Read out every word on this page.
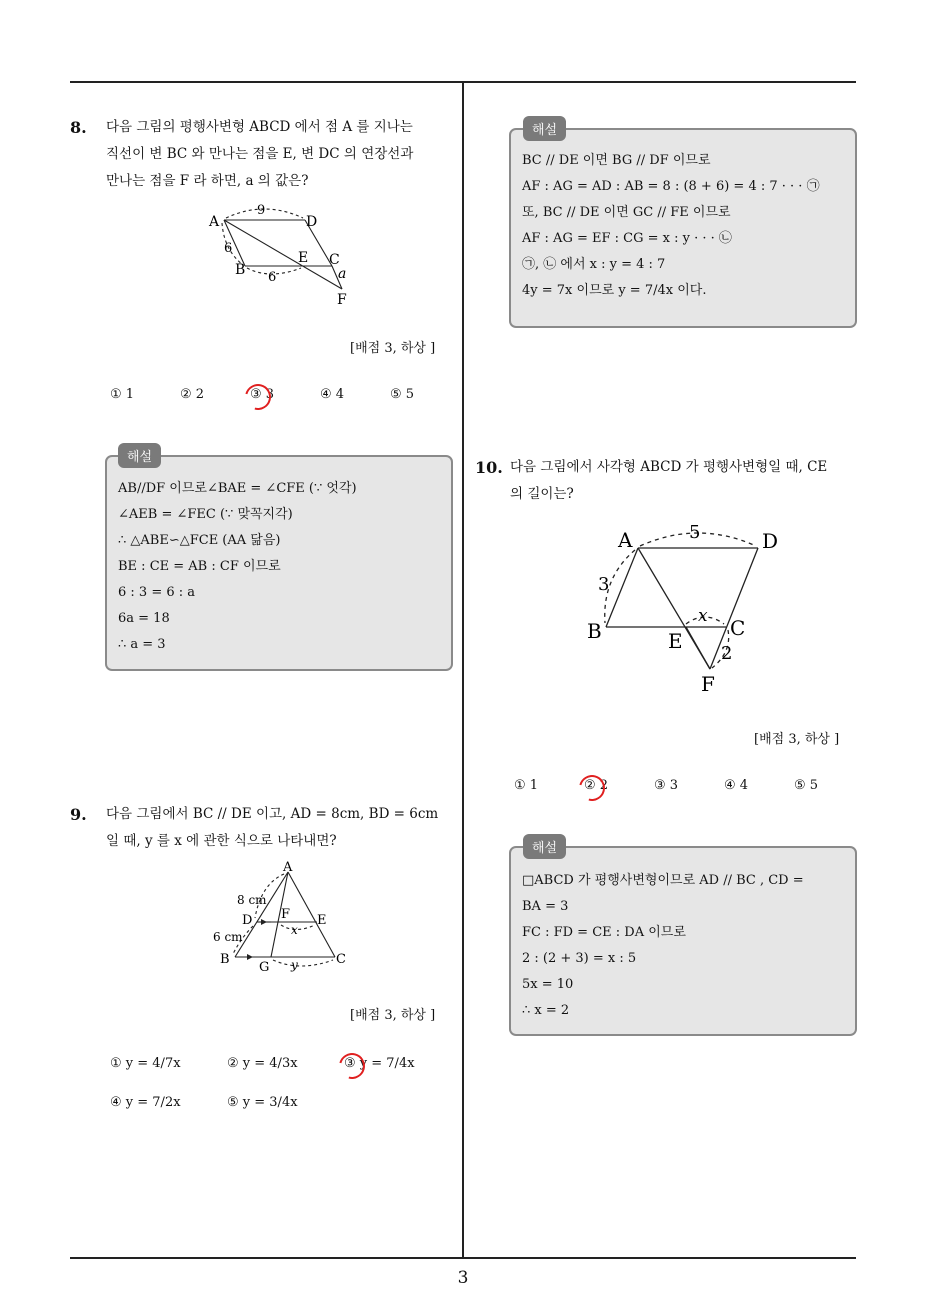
3
8. 다음 그림의 평행사변형 ABCD 에서 점 A 를 지나는
직선이 변 BC 와 만나는 점을 E, 변 DC 의 연장선과
만나는 점을 F 라 하면, a 의 값은?
A	D
B
E C
F
9
6
6	a
[배점 3, 하상 ]
① 1	② 2	③ 3	④ 4	⑤ 5
AB//DF 이므로∠BAE = ∠CFE (∵ 엇각)
∠AEB = ∠FEC (∵ 맞꼭지각)
∴ △ABE∽△FCE (AA 닮음)
BE : CE = AB : CF 이므로
6 : 3 = 6 : a
6a = 18
∴ a = 3
해설
9. 다음 그림에서 BC // DE 이고, AD = 8cm, BD = 6cm
일 때, y 를 x 에 관한 식으로 나타내면?
A
D	E
F
B	C
G
8 cm
6 cm	x
y
[배점 3, 하상 ]
① y = 4/7x	② y = 4/3x	③ y = 7/4x
④ y = 7/2x	⑤ y = 3/4x
BC // DE 이면 BG // DF 이므로
AF : AG = AD : AB = 8 : (8 + 6) = 4 : 7 · · · ㉠
또, BC // DE 이면 GC // FE 이므로
AF : AG = EF : CG = x : y · · · ㉡
㉠, ㉡ 에서 x : y = 4 : 7
4y = 7x 이므로 y = 7/4x 이다.
해설
10. 다음 그림에서 사각형 ABCD 가 평행사변형일 때, CE
의 길이는?
A	D
B	E
C
F
5
3
x
2
[배점 3, 하상 ]
① 1	② 2	③ 3	④ 4	⑤ 5
□ABCD 가 평행사변형이므로 AD // BC , CD =
BA = 3
FC : FD = CE : DA 이므로
2 : (2 + 3) = x : 5
5x = 10
∴ x = 2
해설
